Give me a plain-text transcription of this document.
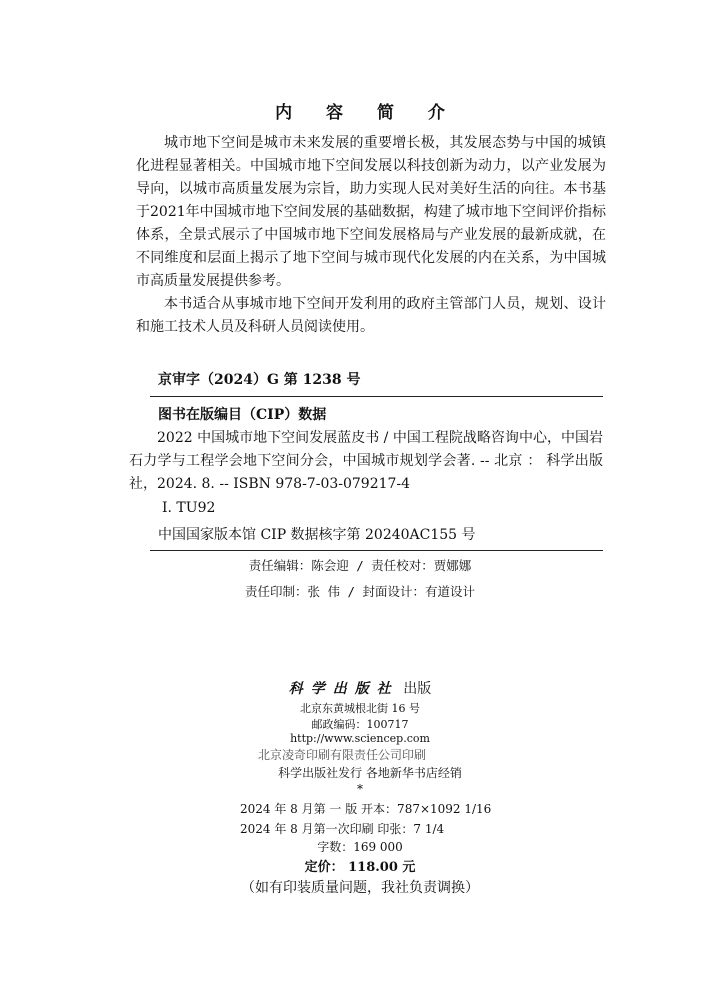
内 容 简 介

城市地下空间是城市未来发展的重要增长极，其发展态势与中国的城镇化进程显著相关。中国城市地下空间发展以科技创新为动力，以产业发展为导向，以城市高质量发展为宗旨，助力实现人民对美好生活的向往。本书基于2021年中国城市地下空间发展的基础数据，构建了城市地下空间评价指标体系，全景式展示了中国城市地下空间发展格局与产业发展的最新成就，在不同维度和层面上揭示了地下空间与城市现代化发展的内在关系，为中国城市高质量发展提供参考。

本书适合从事城市地下空间开发利用的政府主管部门人员，规划、设计和施工技术人员及科研人员阅读使用。

京审字（2024）G 第 1238 号
图书在版编目（CIP）数据

2022 中国城市地下空间发展蓝皮书 / 中国工程院战略咨询中心，中国岩石力学与工程学会地下空间分会，中国城市规划学会著. -- 北京 ： 科学出版社，2024. 8. -- ISBN 978-7-03-079217-4

Ⅰ. TU92
中国国家版本馆 CIP 数据核字第 20240AC155 号
责任编辑：陈会迎 / 责任校对：贾娜娜
责任印制：张 伟 / 封面设计：有道设计
科学出版社 出版
北京东黄城根北街 16 号
邮政编码：100717
http://www.sciencep.com
北京凌奇印刷有限责任公司印刷
科学出版社发行 各地新华书店经销
*
2024 年 8 月第 一 版 开本：787×1092 1/16
2024 年 8 月第一次印刷 印张：7 1/4
字数：169 000
定价： 118.00 元
（如有印装质量问题，我社负责调换）
